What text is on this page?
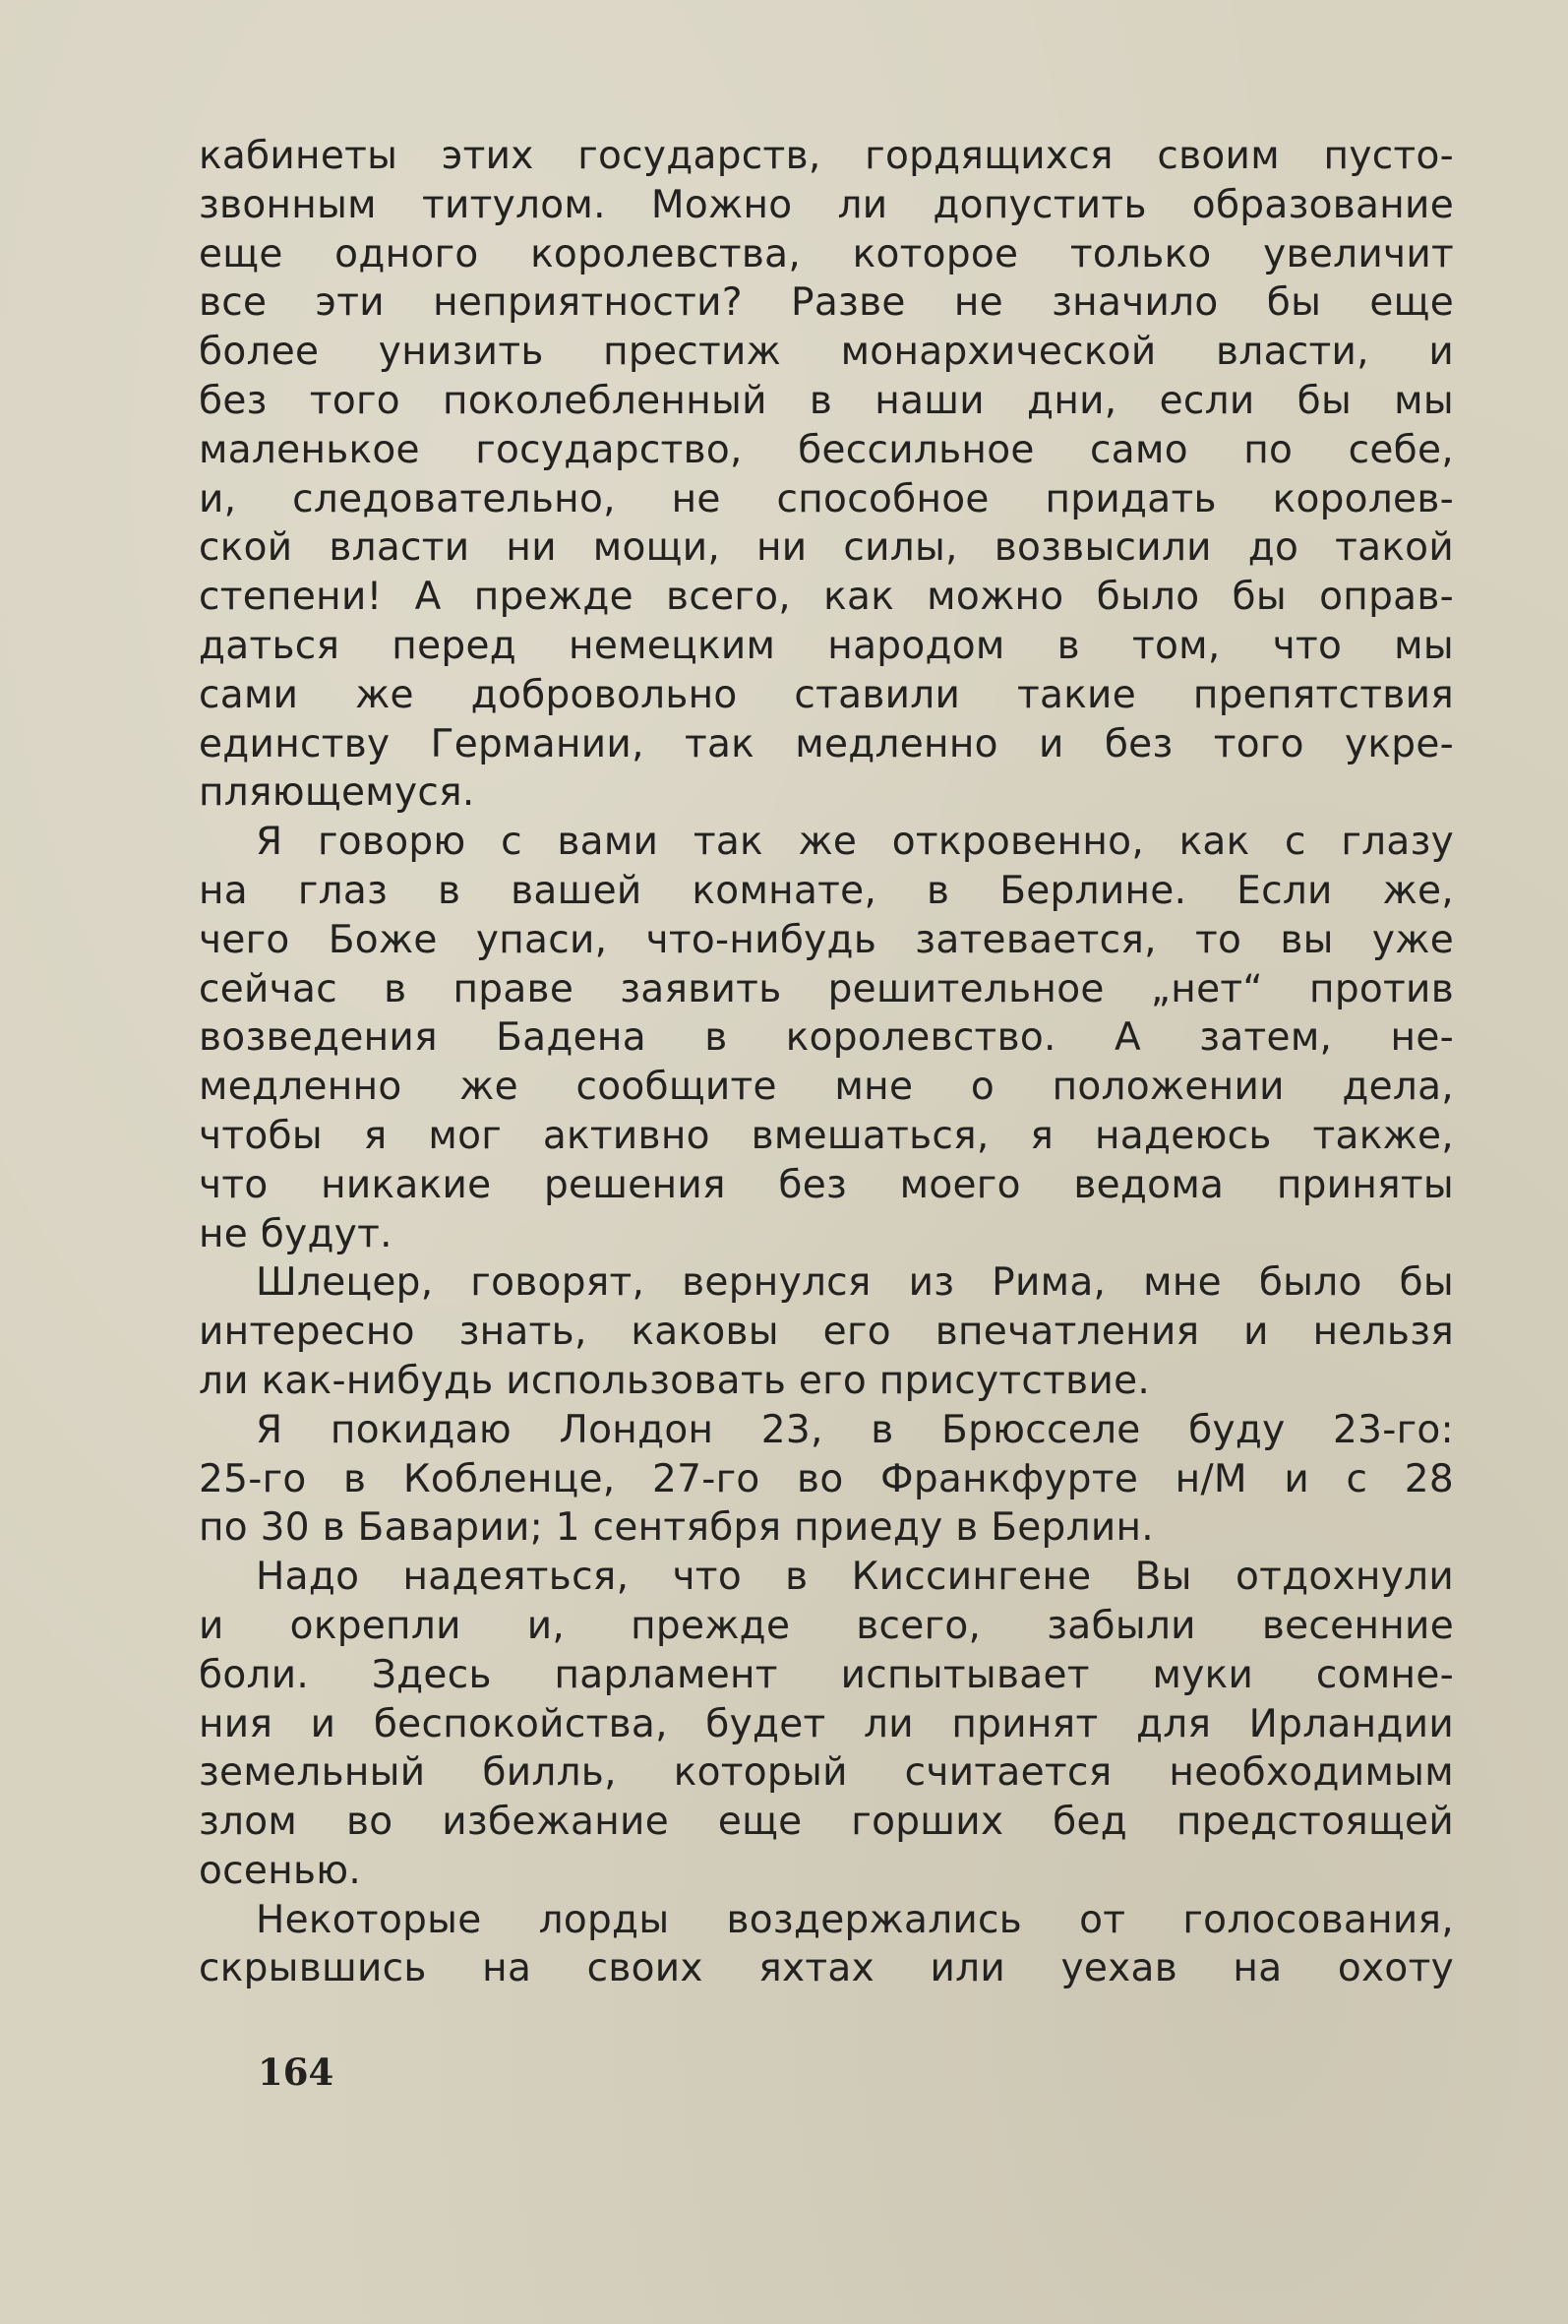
кабинеты этих государств, гордящихся своим пусто-
звонным титулом. Можно ли допустить образование
еще одного королевства, которое только увеличит
все эти неприятности? Разве не значило бы еще
более унизить престиж монархической власти, и
без того поколебленный в наши дни, если бы мы
маленькое государство, бессильное само по себе,
и, следовательно, не способное придать королев-
ской власти ни мощи, ни силы, возвысили до такой
степени! А прежде всего, как можно было бы оправ-
даться перед немецким народом в том, что мы
сами же добровольно ставили такие препятствия
единству Германии, так медленно и без того укре-
пляющемуся.

Я говорю с вами так же откровенно, как с глазу
на глаз в вашей комнате, в Берлине. Если же,
чего Боже упаси, что-нибудь затевается, то вы уже
сейчас в праве заявить решительное „нет“ против
возведения Бадена в королевство. А затем, не-
медленно же сообщите мне о положении дела,
чтобы я мог активно вмешаться, я надеюсь также,
что никакие решения без моего ведома приняты
не будут.

Шлецер, говорят, вернулся из Рима, мне было бы
интересно знать, каковы его впечатления и нельзя
ли как-нибудь использовать его присутствие.

Я покидаю Лондон 23, в Брюсселе буду 23-го:
25-го в Кобленце, 27-го во Франкфурте н/М и с 28
по 30 в Баварии; 1 сентября приеду в Берлин.

Надо надеяться, что в Киссингене Вы отдохнули
и окрепли и, прежде всего, забыли весенние
боли. Здесь парламент испытывает муки сомне-
ния и беспокойства, будет ли принят для Ирландии
земельный билль, который считается необходимым
злом во избежание еще горших бед предстоящей
осенью.

Некоторые лорды воздержались от голосования,
скрывшись на своих яхтах или уехав на охоту

164
